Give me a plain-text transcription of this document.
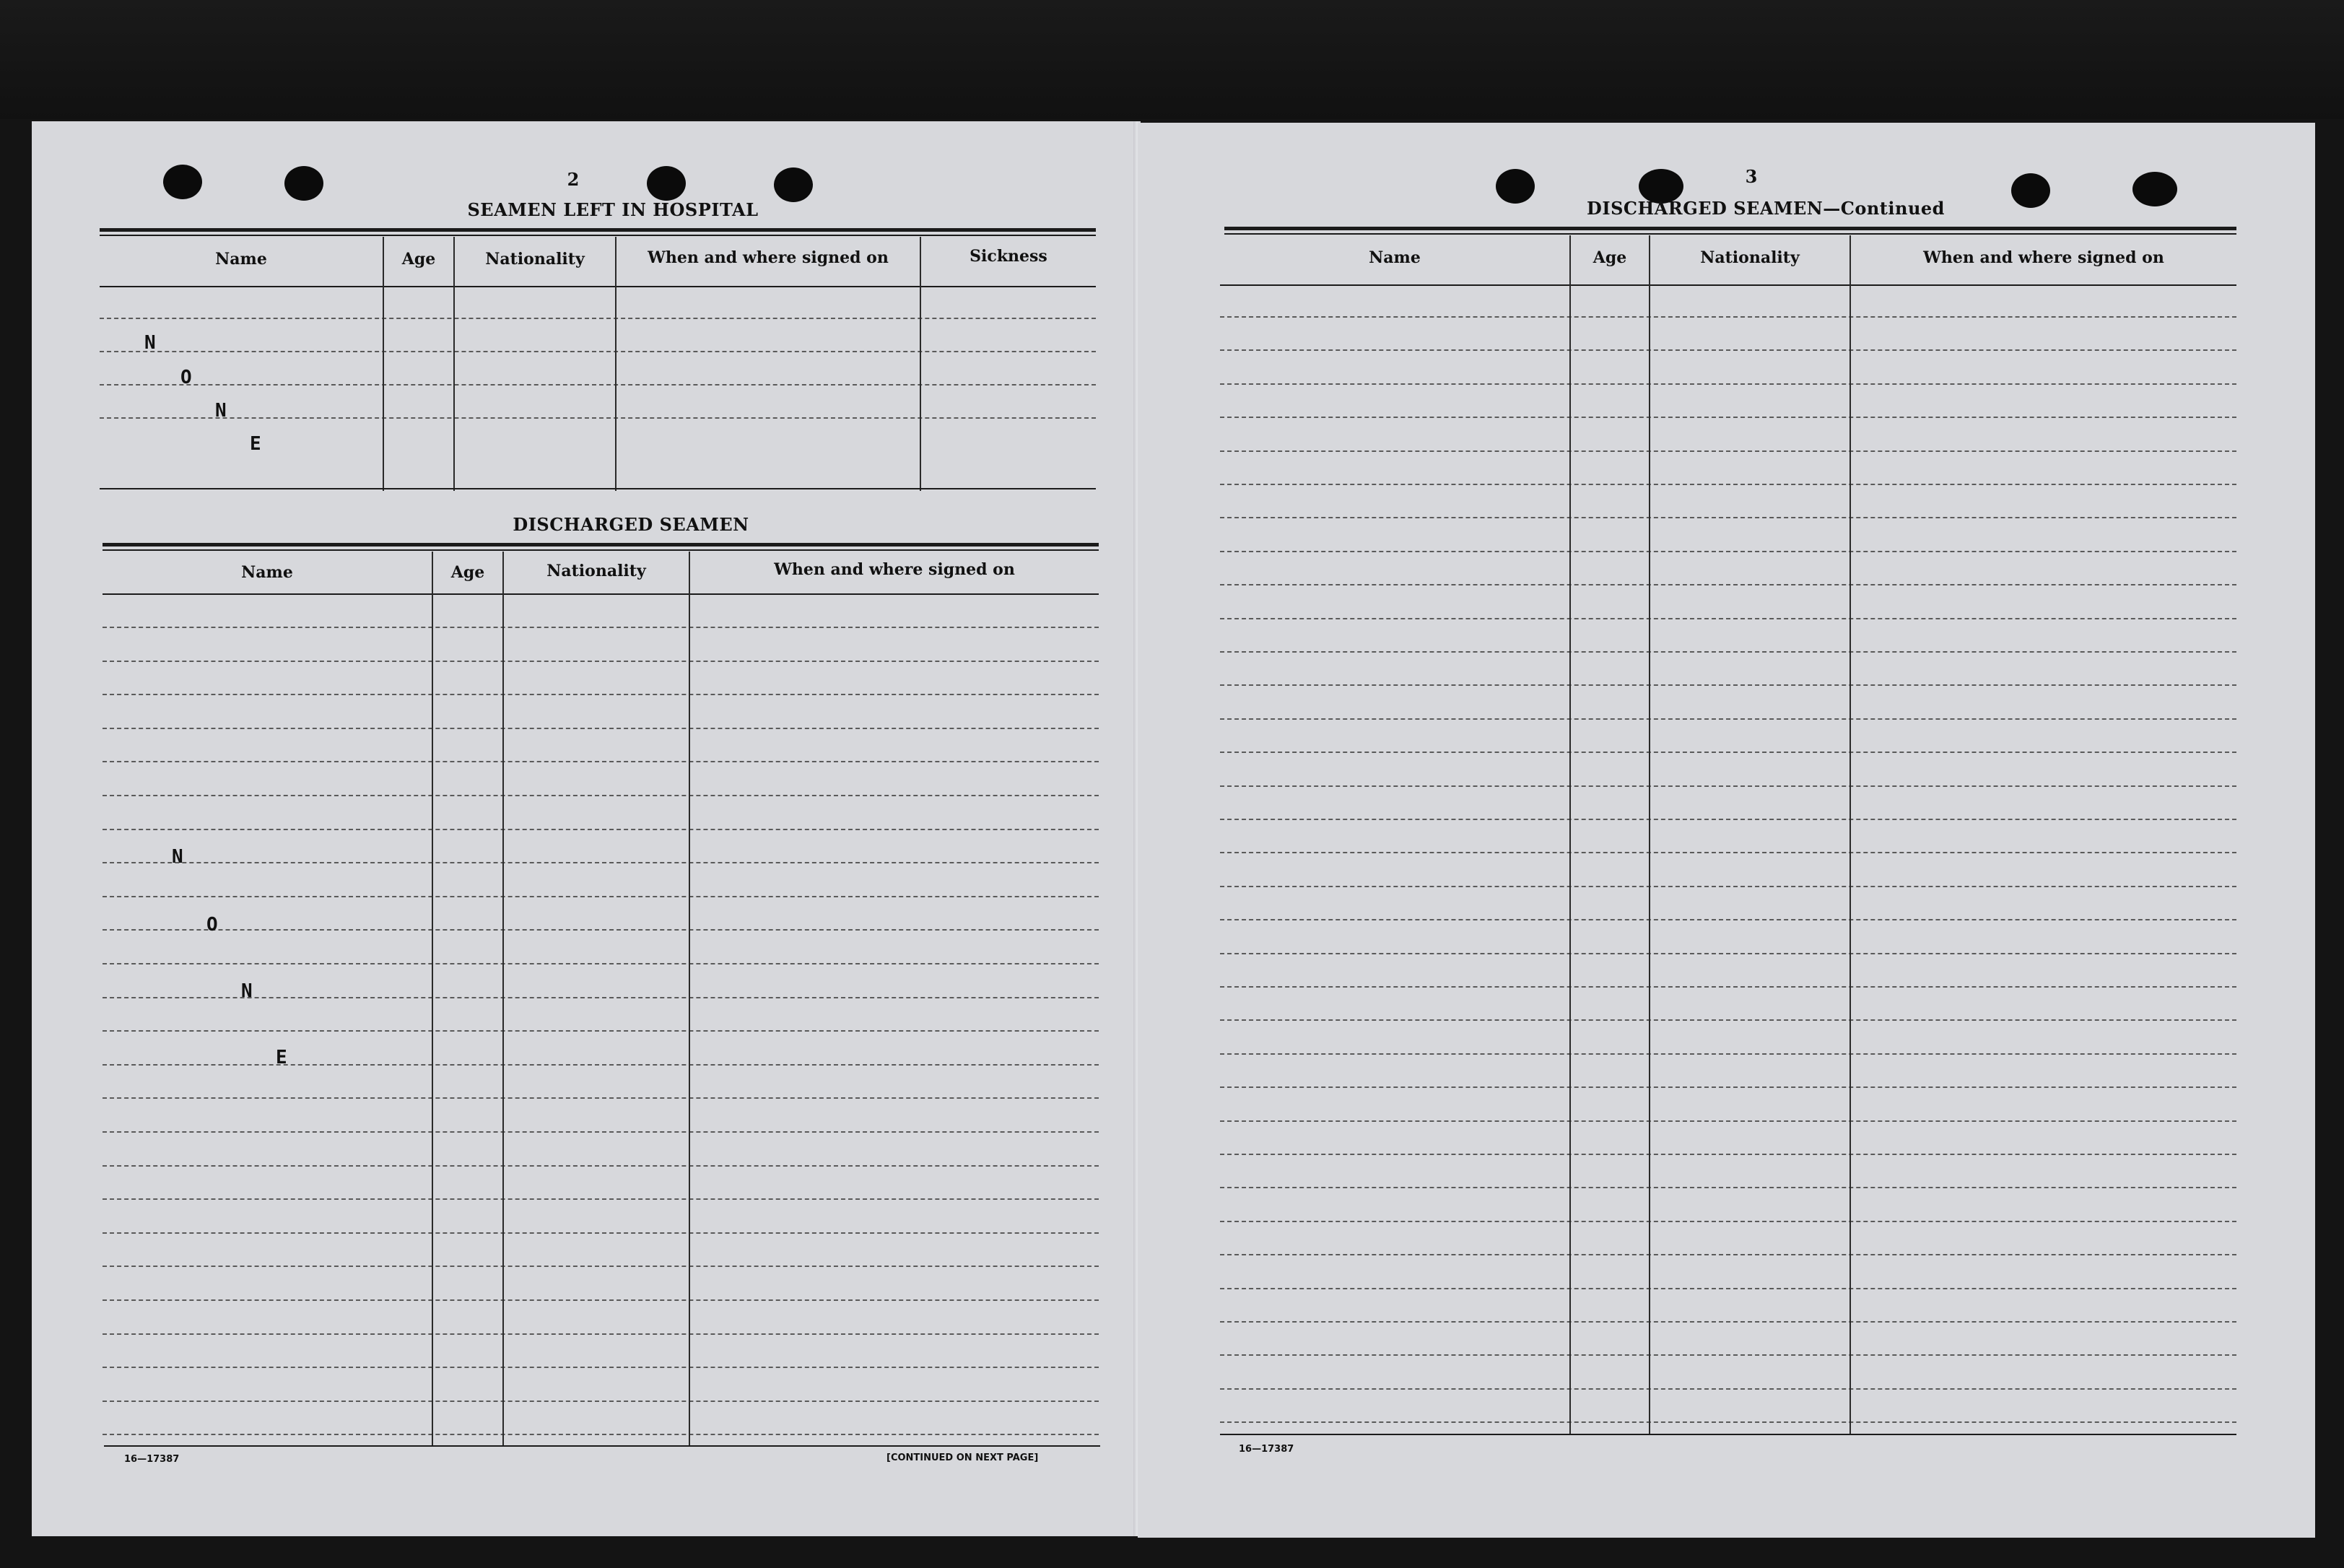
2
SEAMEN LEFT IN HOSPITAL
Name	Age	Nationality	When and where signed on	Sickness
N
O
N
E
DISCHARGED SEAMEN
Name	Age	Nationality	When and where signed on
N
O
N
E
16—17387	[CONTINUED ON NEXT PAGE]
3
DISCHARGED SEAMEN—Continued
Name	Age	Nationality	When and where signed on
16—17387
